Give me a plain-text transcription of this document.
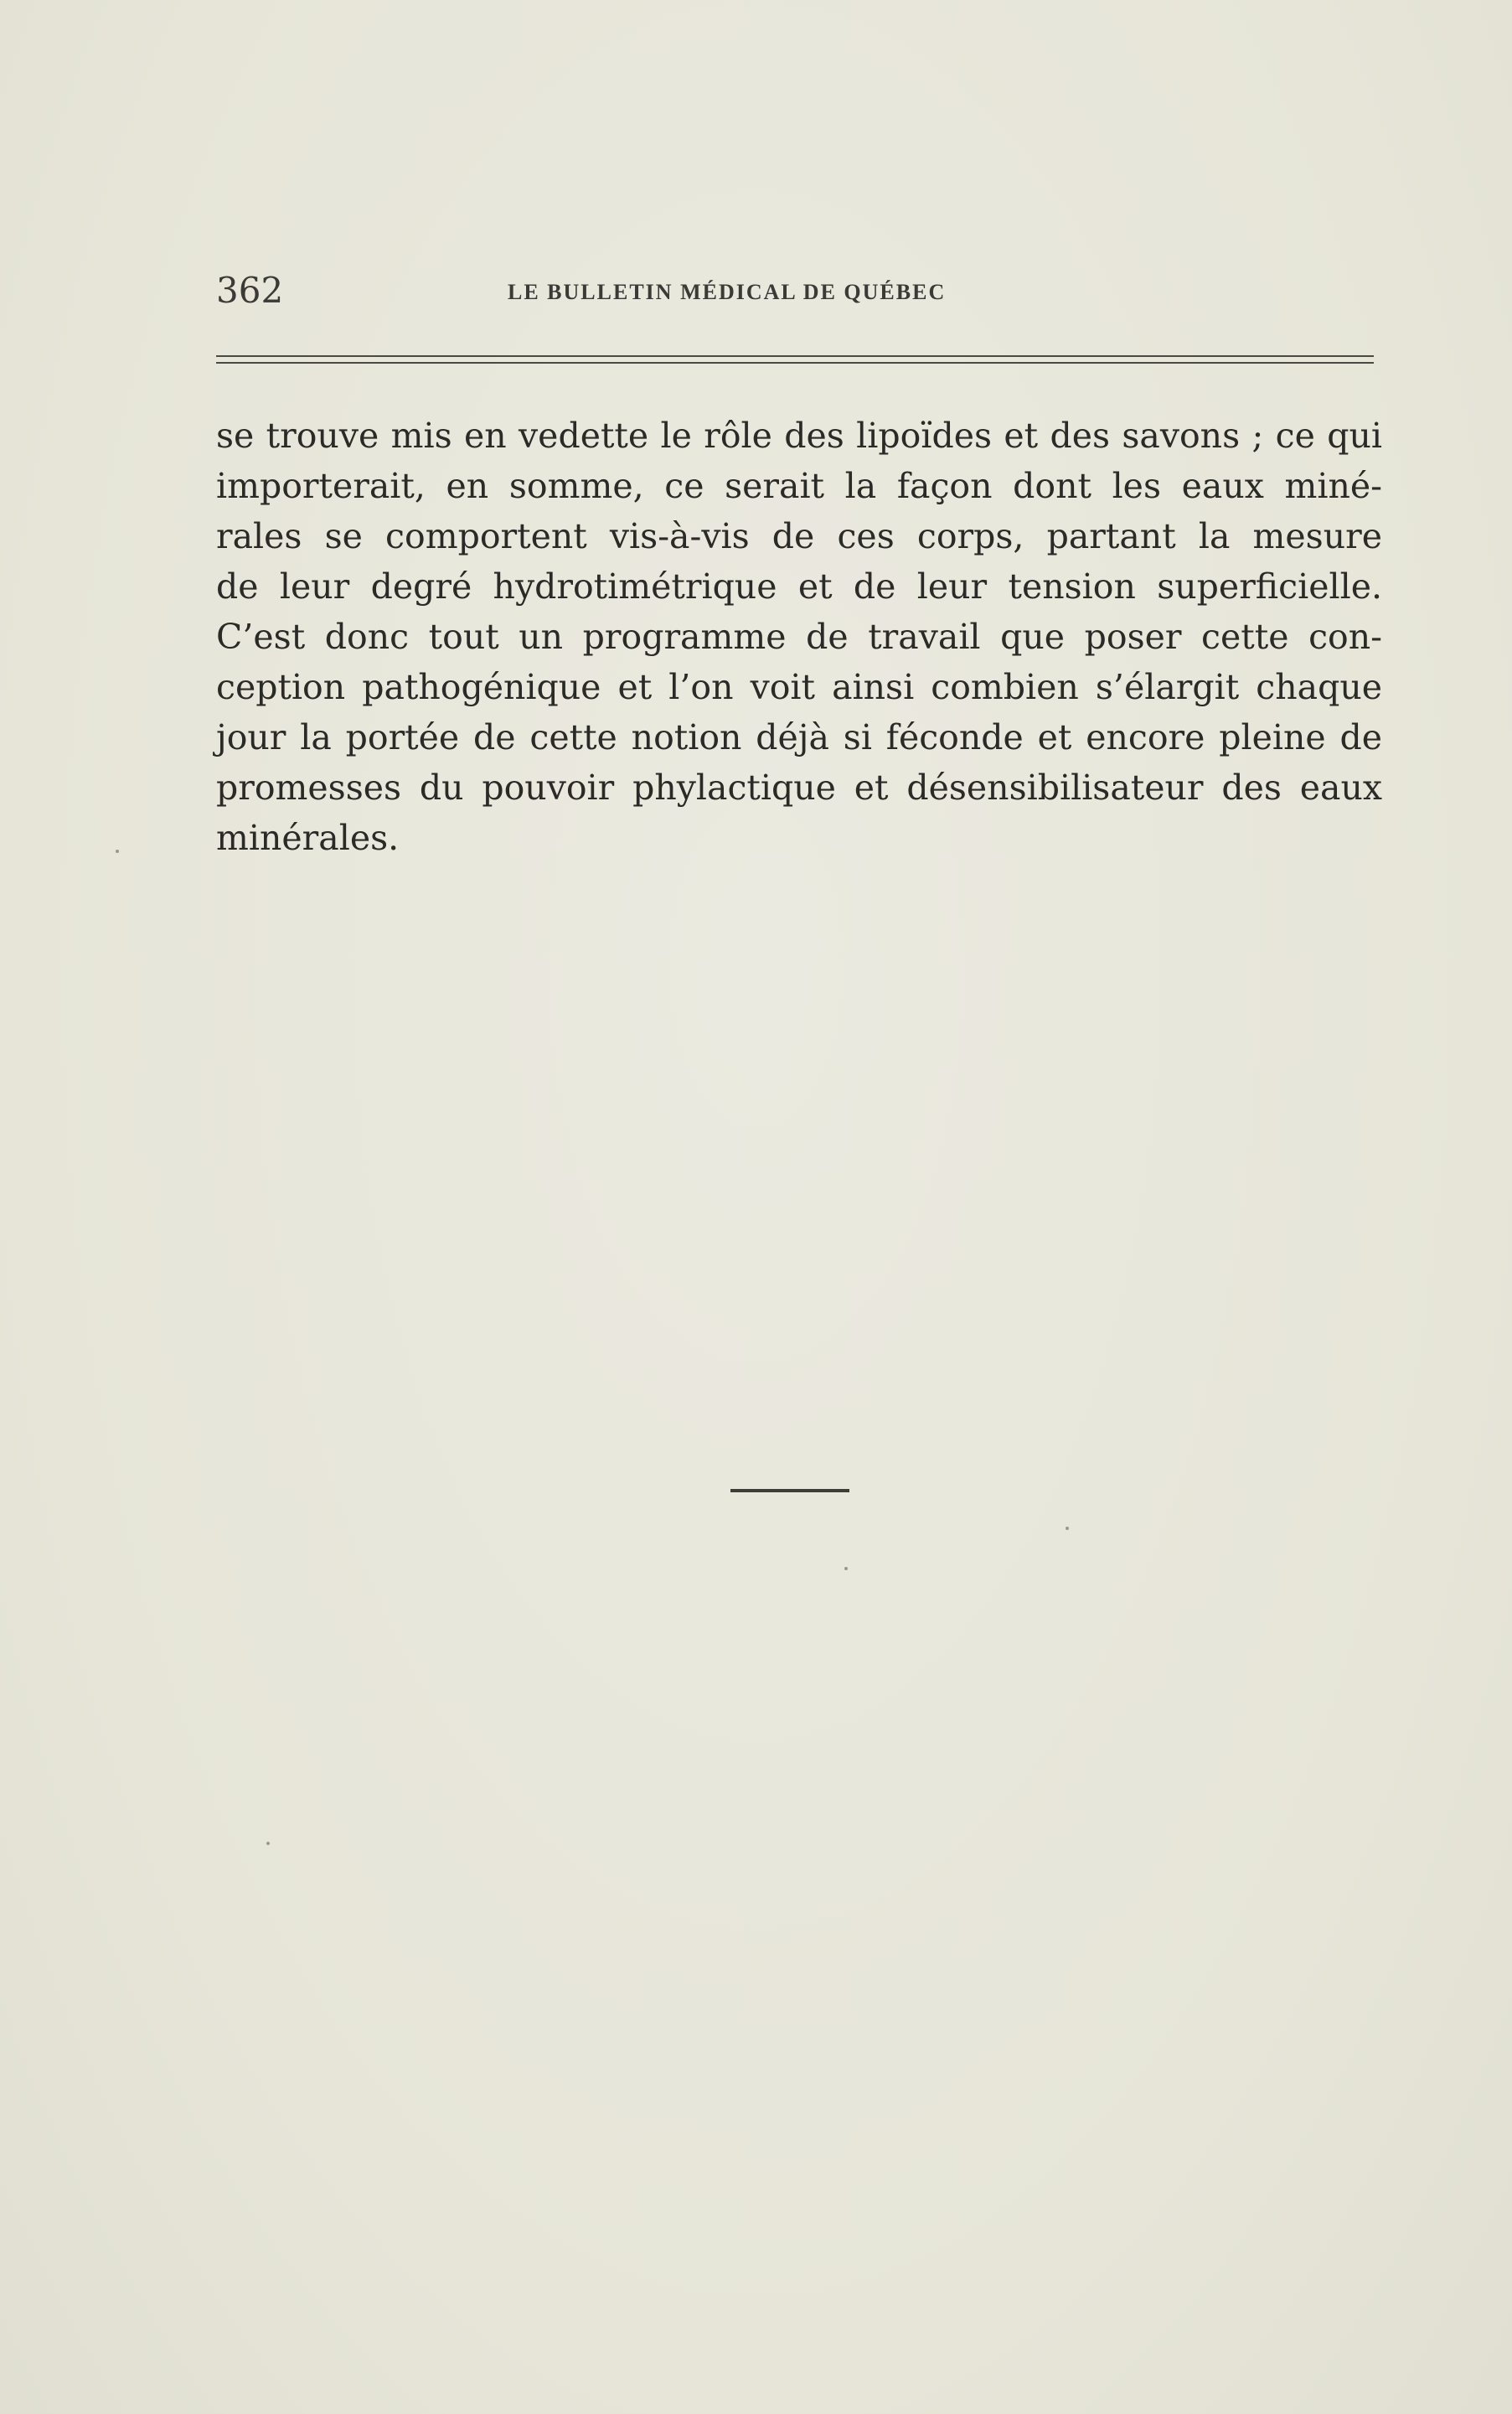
362	LE BULLETIN MÉDICAL DE QUÉBEC
se trouve mis en vedette le rôle des lipoïdes et des savons ; ce qui
importerait, en somme, ce serait la façon dont les eaux miné-
rales se comportent vis-à-vis de ces corps, partant la mesure
de leur degré hydrotimétrique et de leur tension superficielle.
C’est donc tout un programme de travail que poser cette con-
ception pathogénique et l’on voit ainsi combien s’élargit chaque
jour la portée de cette notion déjà si féconde et encore pleine de
promesses du pouvoir phylactique et désensibilisateur des eaux
minérales.
